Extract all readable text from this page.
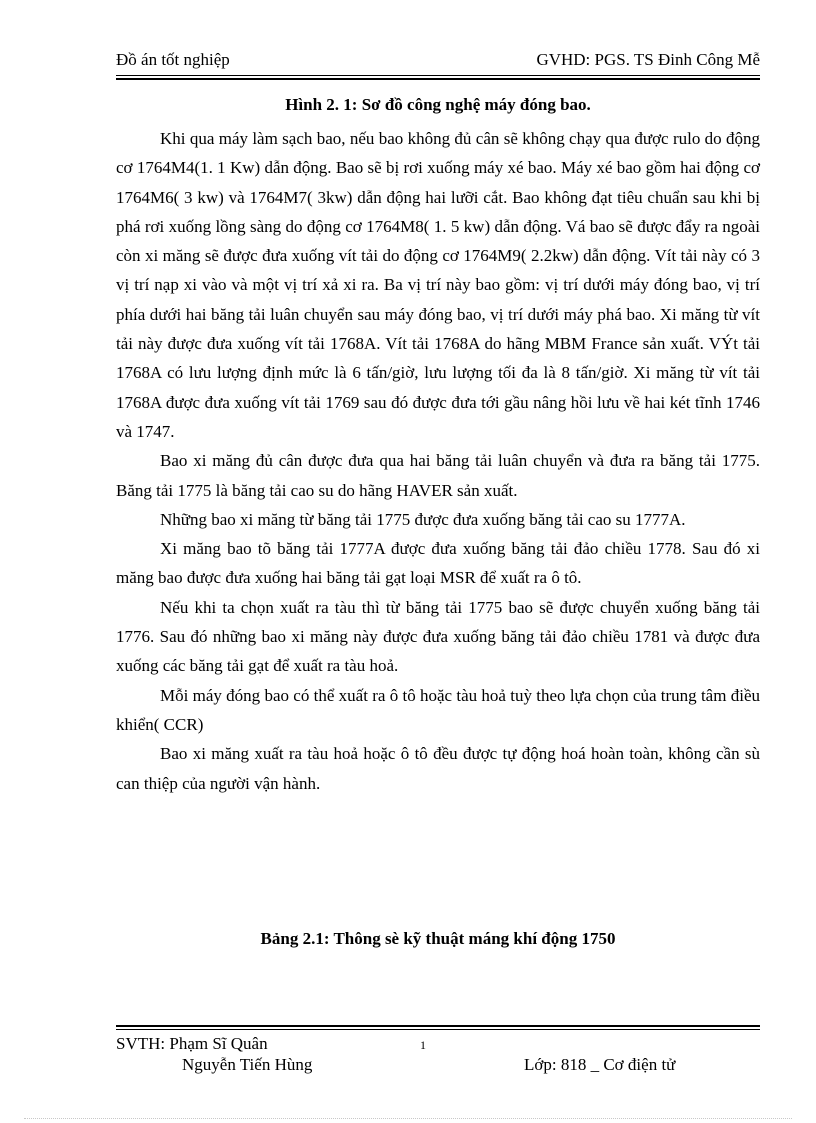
Đồ án tốt nghiệp	GVHD: PGS. TS Đinh Công Mễ
Hình 2. 1: Sơ đồ công nghệ máy đóng bao.

Khi qua máy làm sạch bao, nếu bao không đủ cân sẽ không chạy qua được rulo do động cơ 1764M4(1. 1 Kw) dẫn động. Bao sẽ bị rơi xuống máy xé bao. Máy xé bao gồm hai động cơ 1764M6( 3 kw) và 1764M7( 3kw) dẫn động hai lưỡi cắt. Bao không đạt tiêu chuẩn sau khi bị phá rơi xuống lồng sàng do động cơ 1764M8( 1. 5 kw) dẫn động. Vá bao sẽ được đẩy ra ngoài còn xi măng sẽ được đưa xuống vít tải do động cơ 1764M9( 2.2kw) dẫn động. Vít tải này có 3 vị trí nạp xi vào và một vị trí xả xi ra. Ba vị trí này bao gồm: vị trí dưới máy đóng bao, vị trí phía dưới hai băng tải luân chuyển sau máy đóng bao, vị trí dưới máy phá bao. Xi măng từ vít tải này được đưa xuống vít tải 1768A. Vít tải 1768A do hãng MBM France sản xuất. VÝt tải 1768A có lưu lượng định mức là 6 tấn/giờ, lưu lượng tối đa là 8 tấn/giờ. Xi măng từ vít tải 1768A được đưa xuống vít tải 1769 sau đó được đưa tới gầu nâng hồi lưu về hai két tĩnh 1746 và 1747.

Bao xi măng đủ cân được đưa qua hai băng tải luân chuyển và đưa ra băng tải 1775. Băng tải 1775 là băng tải cao su do hãng HAVER sản xuất.

Những bao xi măng từ băng tải 1775 được đưa xuống băng tải cao su 1777A.

Xi măng bao tõ băng tải 1777A được đưa xuống băng tải đảo chiều 1778. Sau đó xi măng bao được đưa xuống hai băng tải gạt loại MSR để xuất ra ô tô.

Nếu khi ta chọn xuất ra tàu thì từ băng tải 1775 bao sẽ được chuyển xuống băng tải 1776. Sau đó những bao xi măng này được đưa xuống băng tải đảo chiều 1781 và được đưa xuống các băng tải gạt để xuất ra tàu hoả.

Mỗi máy đóng bao có thể xuất ra ô tô hoặc tàu hoả tuỳ theo lựa chọn của trung tâm điều khiển( CCR)

Bao xi măng xuất ra tàu hoả hoặc ô tô đều được tự động hoá hoàn toàn, không cần sù can thiệp của người vận hành.

Bảng 2.1: Thông sè kỹ thuật máng khí động 1750
SVTH: Phạm Sĩ Quân	1
Nguyễn Tiến Hùng	Lớp: 818 _ Cơ điện tử
